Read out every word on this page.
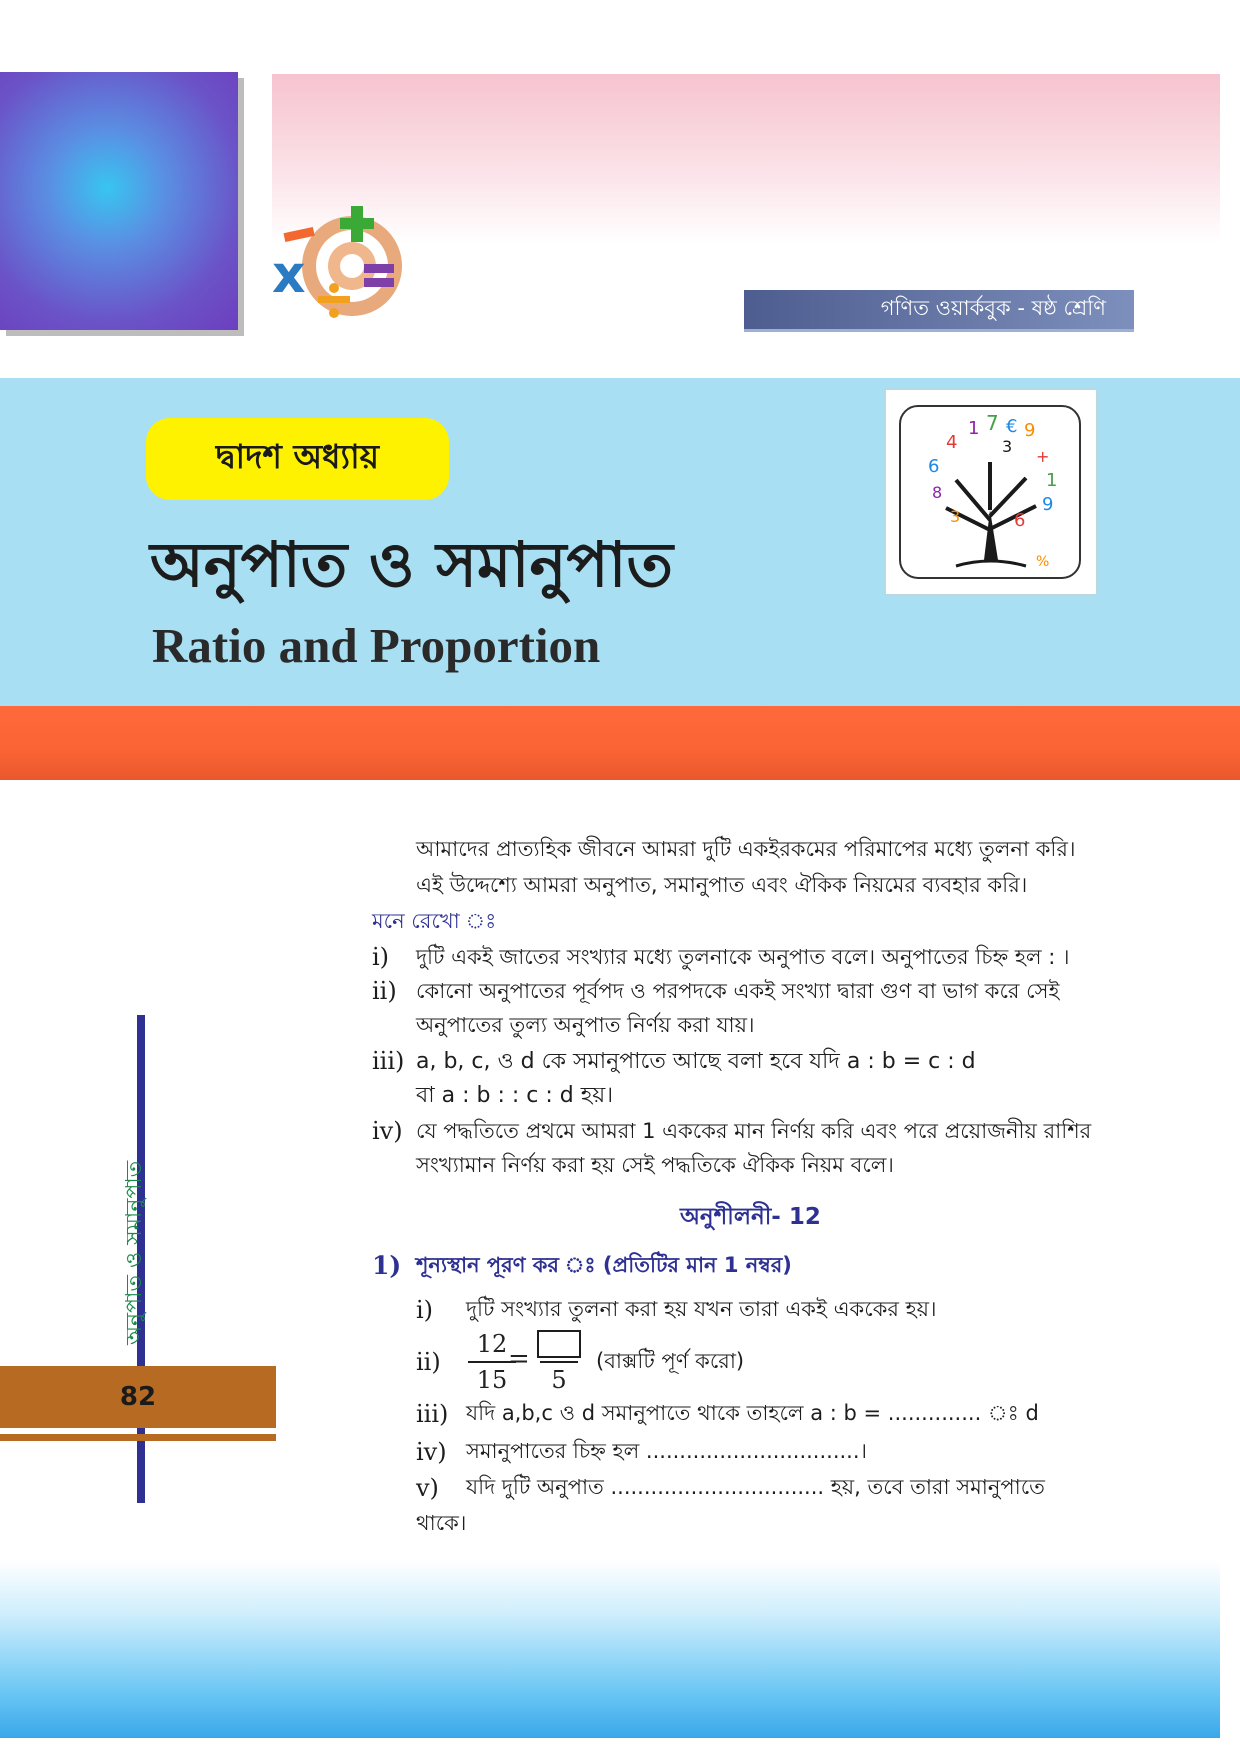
x
গণিত ওয়ার্কবুক - ষষ্ঠ শ্রেণি
দ্বাদশ অধ্যায়
অনুপাত ও সমানুপাত
Ratio and Proportion
4
1 7 € 9
6	+
1
8
9
3	6
3
%
অনুপাত ও সমানুপাত
82
আমাদের প্রাত্যহিক জীবনে আমরা দুটি একইরকমের পরিমাপের মধ্যে তুলনা করি।
এই উদ্দেশ্যে আমরা অনুপাত, সমানুপাত এবং ঐকিক নিয়মের ব্যবহার করি।
মনে রেখো ঃ
i) দুটি একই জাতের সংখ্যার মধ্যে তুলনাকে অনুপাত বলে। অনুপাতের চিহ্ন হল : ।
ii) কোনো অনুপাতের পূর্বপদ ও পরপদকে একই সংখ্যা দ্বারা গুণ বা ভাগ করে সেই
অনুপাতের তুল্য অনুপাত নির্ণয় করা যায়।
iii) a, b, c, ও d কে সমানুপাতে আছে বলা হবে যদি a : b = c : d
বা a : b : : c : d হয়।
iv) যে পদ্ধতিতে প্রথমে আমরা 1 এককের মান নির্ণয় করি এবং পরে প্রয়োজনীয় রাশির
সংখ্যামান নির্ণয় করা হয় সেই পদ্ধতিকে ঐকিক নিয়ম বলে।
অনুশীলনী- 12
1) শূন্যস্থান পূরণ কর ঃ (প্রতিটির মান 1 নম্বর)
i) দুটি সংখ্যার তুলনা করা হয় যখন তারা একই এককের হয়।
ii)
12
15
=
5
(বাক্সটি পূর্ণ করো)
iii) যদি a,b,c ও d সমানুপাতে থাকে তাহলে a : b = .............. ঃ d
iv) সমানুপাতের চিহ্ন হল ................................।
v) যদি দুটি অনুপাত ................................ হয়, তবে তারা সমানুপাতে
থাকে।
